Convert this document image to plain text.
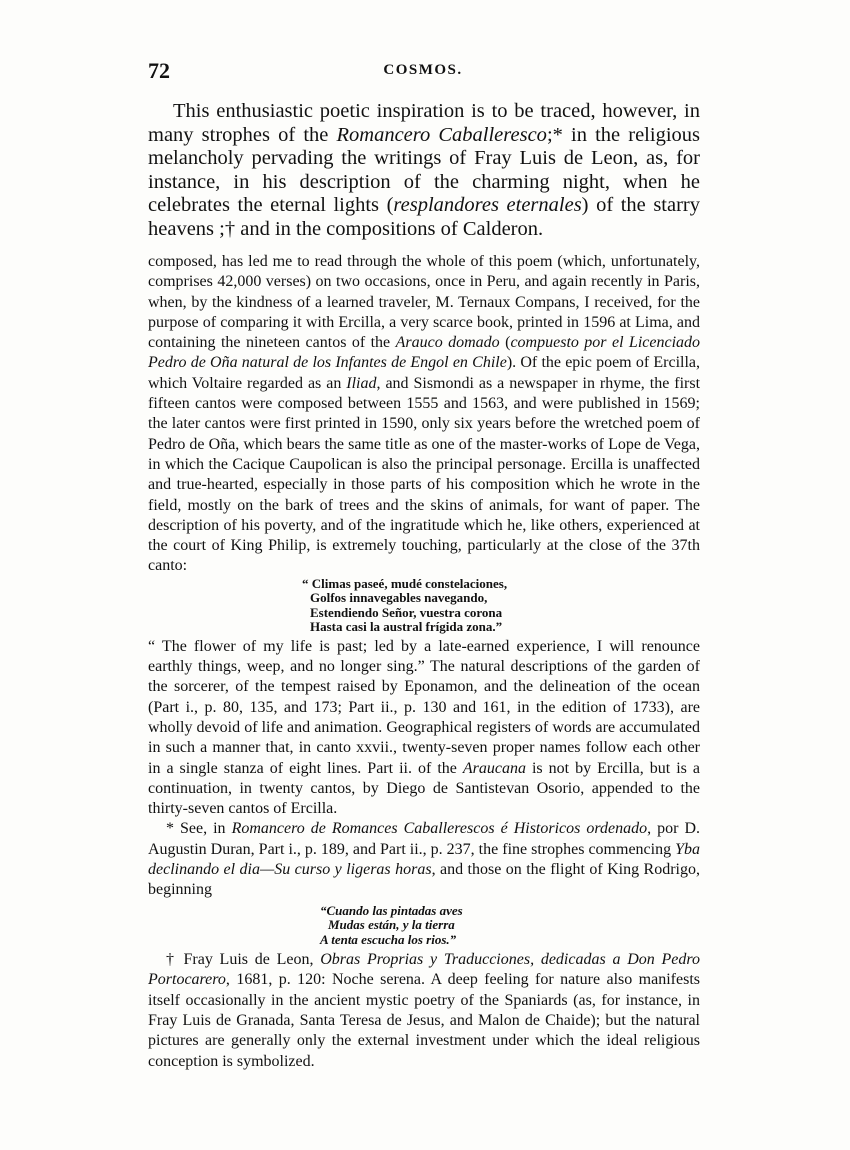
72	COSMOS.

This enthusiastic poetic inspiration is to be traced, however, in many strophes of the Romancero Caballeresco;* in the religious melancholy pervading the writings of Fray Luis de Leon, as, for instance, in his description of the charming night, when he celebrates the eternal lights (resplandores eternales) of the starry heavens ;† and in the compositions of Calderon.

composed, has led me to read through the whole of this poem (which, unfortunately, comprises 42,000 verses) on two occasions, once in Peru, and again recently in Paris, when, by the kindness of a learned traveler, M. Ternaux Compans, I received, for the purpose of comparing it with Ercilla, a very scarce book, printed in 1596 at Lima, and containing the nineteen cantos of the Arauco domado (compuesto por el Licenciado Pedro de Oña natural de los Infantes de Engol en Chile). Of the epic poem of Ercilla, which Voltaire regarded as an Iliad, and Sismondi as a newspaper in rhyme, the first fifteen cantos were composed between 1555 and 1563, and were published in 1569; the later cantos were first printed in 1590, only six years before the wretched poem of Pedro de Oña, which bears the same title as one of the master-works of Lope de Vega, in which the Cacique Caupolican is also the principal personage. Ercilla is unaffected and true-hearted, especially in those parts of his composition which he wrote in the field, mostly on the bark of trees and the skins of animals, for want of paper. The description of his poverty, and of the ingratitude which he, like others, experienced at the court of King Philip, is extremely touching, particularly at the close of the 37th canto:

“ Climas paseé, mudé constelaciones,
Golfos innavegables navegando,
Estendiendo Señor, vuestra corona
Hasta casi la austral frígida zona.”

“ The flower of my life is past; led by a late-earned experience, I will renounce earthly things, weep, and no longer sing.” The natural descriptions of the garden of the sorcerer, of the tempest raised by Eponamon, and the delineation of the ocean (Part i., p. 80, 135, and 173; Part ii., p. 130 and 161, in the edition of 1733), are wholly devoid of life and animation. Geographical registers of words are accumulated in such a manner that, in canto xxvii., twenty-seven proper names follow each other in a single stanza of eight lines. Part ii. of the Araucana is not by Ercilla, but is a continuation, in twenty cantos, by Diego de Santistevan Osorio, appended to the thirty-seven cantos of Ercilla.

* See, in Romancero de Romances Caballerescos é Historicos ordenado, por D. Augustin Duran, Part i., p. 189, and Part ii., p. 237, the fine strophes commencing Yba declinando el dia—Su curso y ligeras horas, and those on the flight of King Rodrigo, beginning

“Cuando las pintadas aves
Mudas están, y la tierra
A tenta escucha los rios.”

† Fray Luis de Leon, Obras Proprias y Traducciones, dedicadas a Don Pedro Portocarero, 1681, p. 120: Noche serena. A deep feeling for nature also manifests itself occasionally in the ancient mystic poetry of the Spaniards (as, for instance, in Fray Luis de Granada, Santa Teresa de Jesus, and Malon de Chaide); but the natural pictures are generally only the external investment under which the ideal religious conception is symbolized.
